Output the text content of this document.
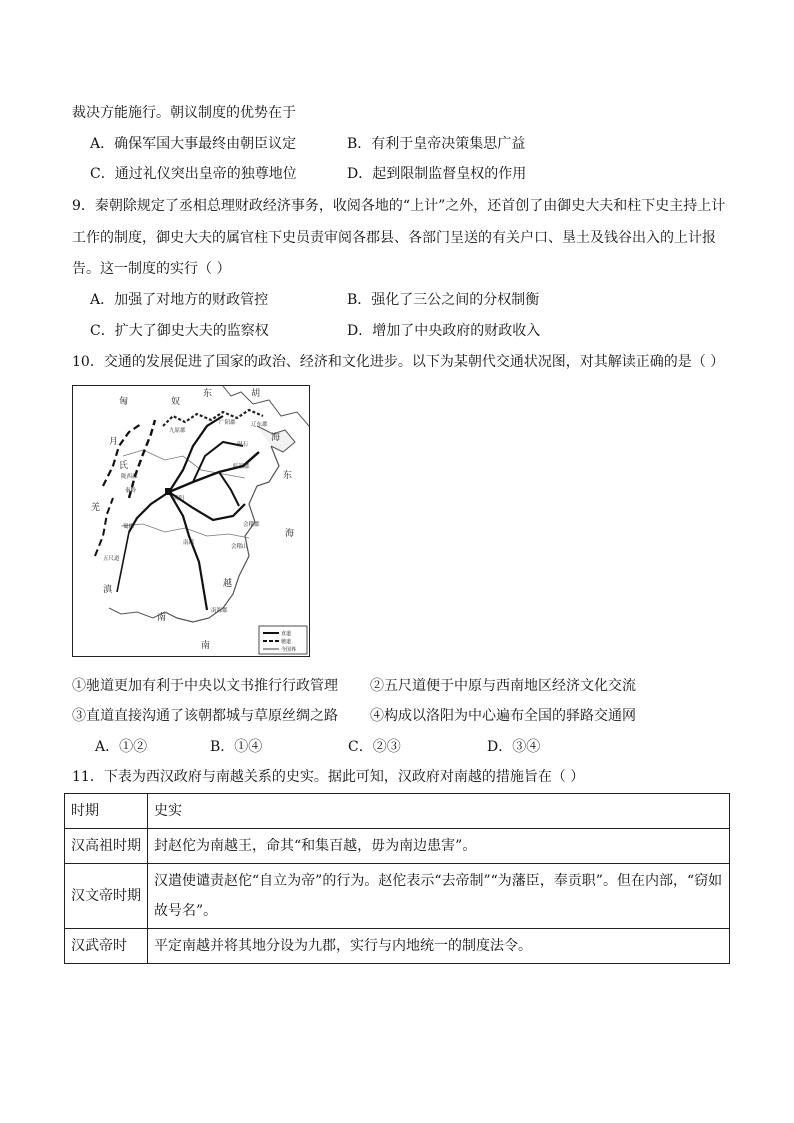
裁决方能施行。朝议制度的优势在于
A．确保军国大事最终由朝臣议定	B．有利于皇帝决策集思广益
C．通过礼仪突出皇帝的独尊地位	D．起到限制监督皇权的作用
9．秦朝除规定了丞相总理财政经济事务，收阅各地的“上计”之外，还首创了由御史大夫和柱下史主持上计
工作的制度，御史大夫的属官柱下史员责审阅各郡县、各部门呈送的有关户口、垦土及钱谷出入的上计报
告。这一制度的实行（ ）
A．加强了对地方的财政管控	B．强化了三公之间的分权制衡
C．扩大了御史大夫的监察权	D．增加了中央政府的财政收入
10．交通的发展促进了国家的政治、经济和文化进步。以下为某朝代交通状况图，对其解读正确的是（ ）
直道
驰道
今国界
东	胡
匈	奴
月
氏
羌
滇
越
南
海
东
海
南
辽东郡
九原郡
广阳郡
碣石
临淄郡
陇西郡
咸阳
秦岭
蜀郡
南郡
会稽郡
会稽山
南海郡
五尺道
①驰道更加有利于中央以文书推行行政管理 ②五尺道便于中原与西南地区经济文化交流
③直道直接沟通了该朝都城与草原丝绸之路 ④构成以洛阳为中心遍布全国的驿路交通网
A．①②	B．①④	C．②③	D．③④
11．下表为西汉政府与南越关系的史实。据此可知，汉政府对南越的措施旨在（ ）
时期	史实
汉高祖时期	封赵佗为南越王，命其“和集百越，毋为南边患害”。
汉文帝时期	汉遣使谴责赵佗“自立为帝”的行为。赵佗表示“去帝制”“为藩臣，奉贡职”。但在内部，“窃如故号名”。
汉武帝时	平定南越并将其地分设为九郡，实行与内地统一的制度法令。
